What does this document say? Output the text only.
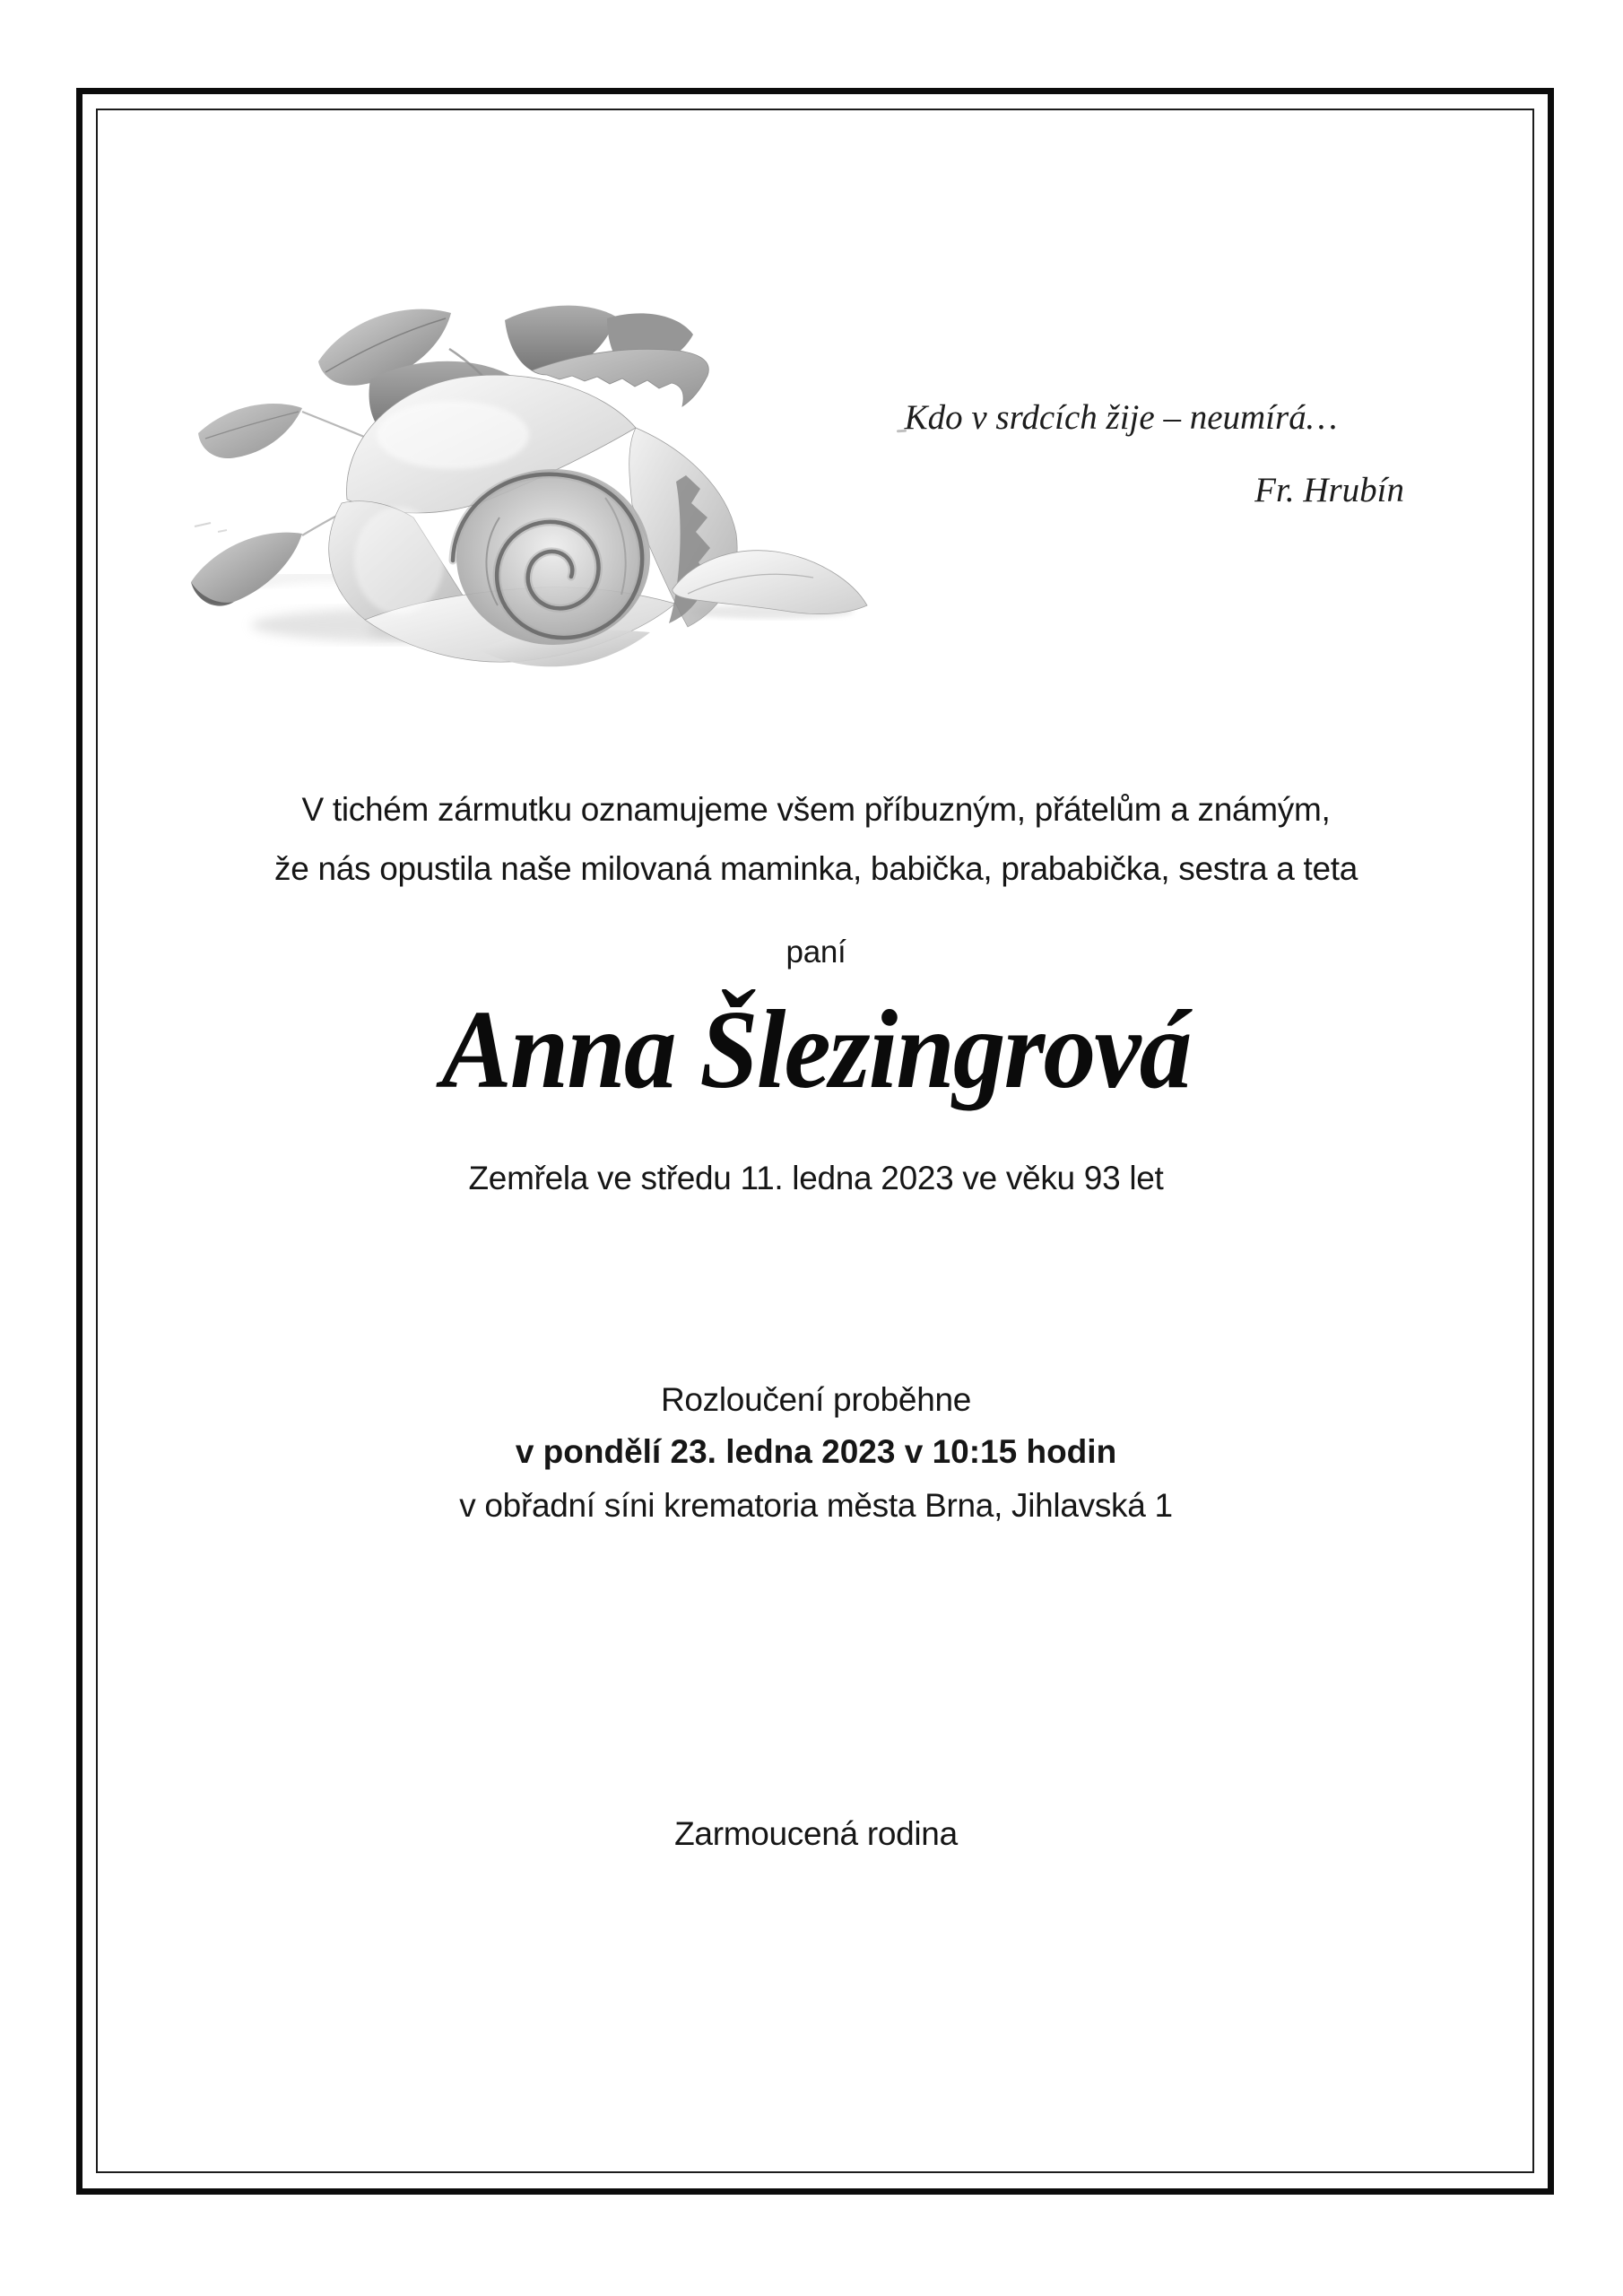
Kdo v srdcích žije – neumírá…
Fr. Hrubín
V tichém zármutku oznamujeme všem příbuzným, přátelům a známým,
že nás opustila naše milovaná maminka, babička, prababička, sestra a teta
paní
Anna Šlezingrová
Zemřela ve středu 11. ledna 2023 ve věku 93 let
Rozloučení proběhne
v pondělí 23. ledna 2023 v 10:15 hodin
v obřadní síni krematoria města Brna, Jihlavská 1
Zarmoucená rodina
